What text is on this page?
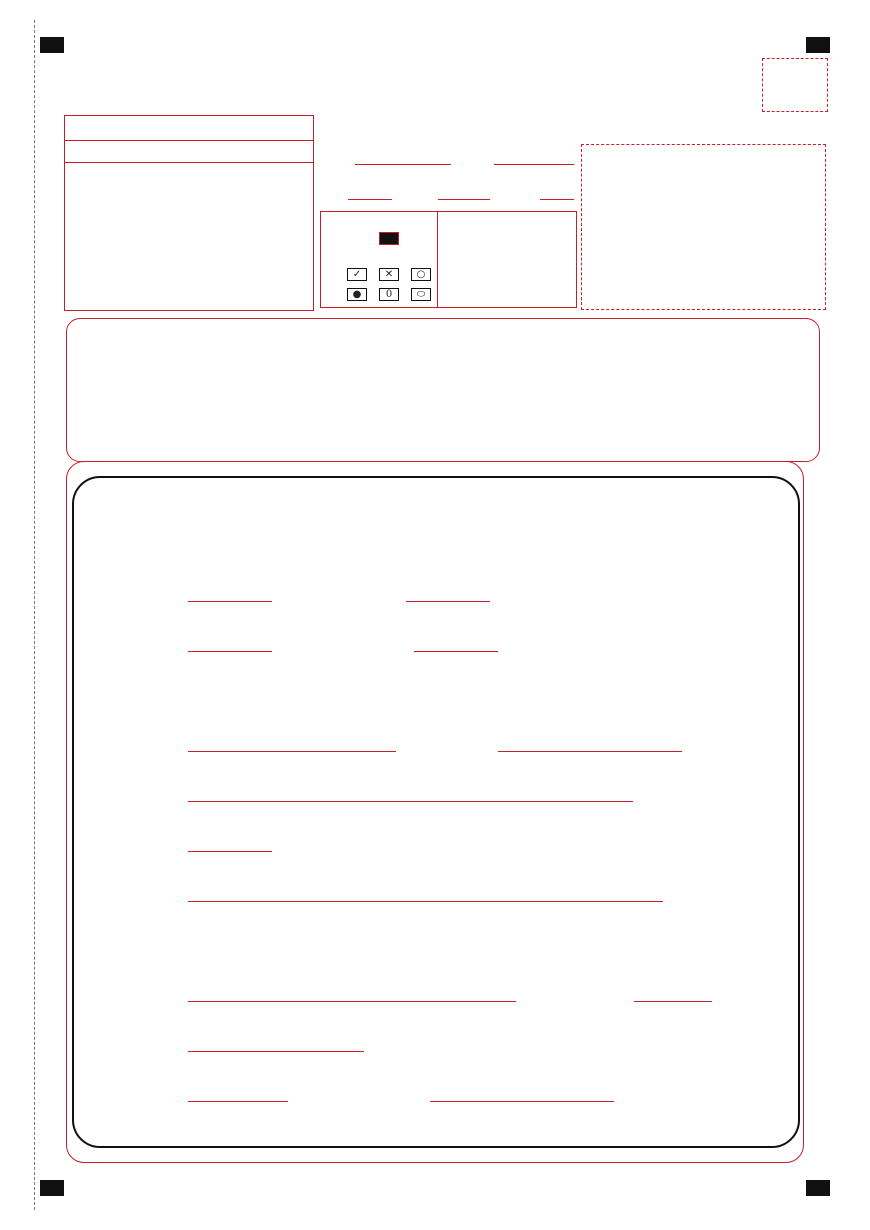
✓	✕	○
●	0	⬭
